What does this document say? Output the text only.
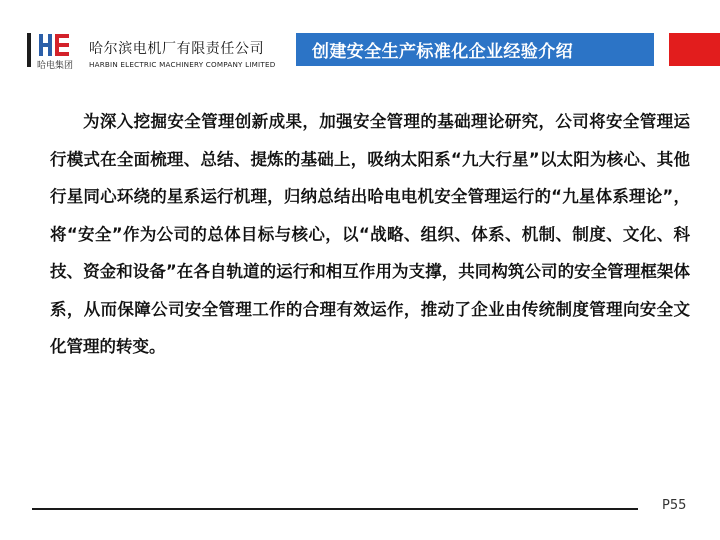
哈电集团
哈尔滨电机厂有限责任公司
HARBIN ELECTRIC MACHINERY COMPANY LIMITED
创建安全生产标准化企业经验介绍

为深入挖掘安全管理创新成果，加强安全管理的基础理论研究，公司将安全管理运行模式在全面梳理、总结、提炼的基础上，吸纳太阳系“九大行星”以太阳为核心、其他行星同心环绕的星系运行机理，归纳总结出哈电电机安全管理运行的“九星体系理论”，将“安全”作为公司的总体目标与核心，以“战略、组织、体系、机制、制度、文化、科技、资金和设备”在各自轨道的运行和相互作用为支撑，共同构筑公司的安全管理框架体系，从而保障公司安全管理工作的合理有效运作，推动了企业由传统制度管理向安全文化管理的转变。

P55
